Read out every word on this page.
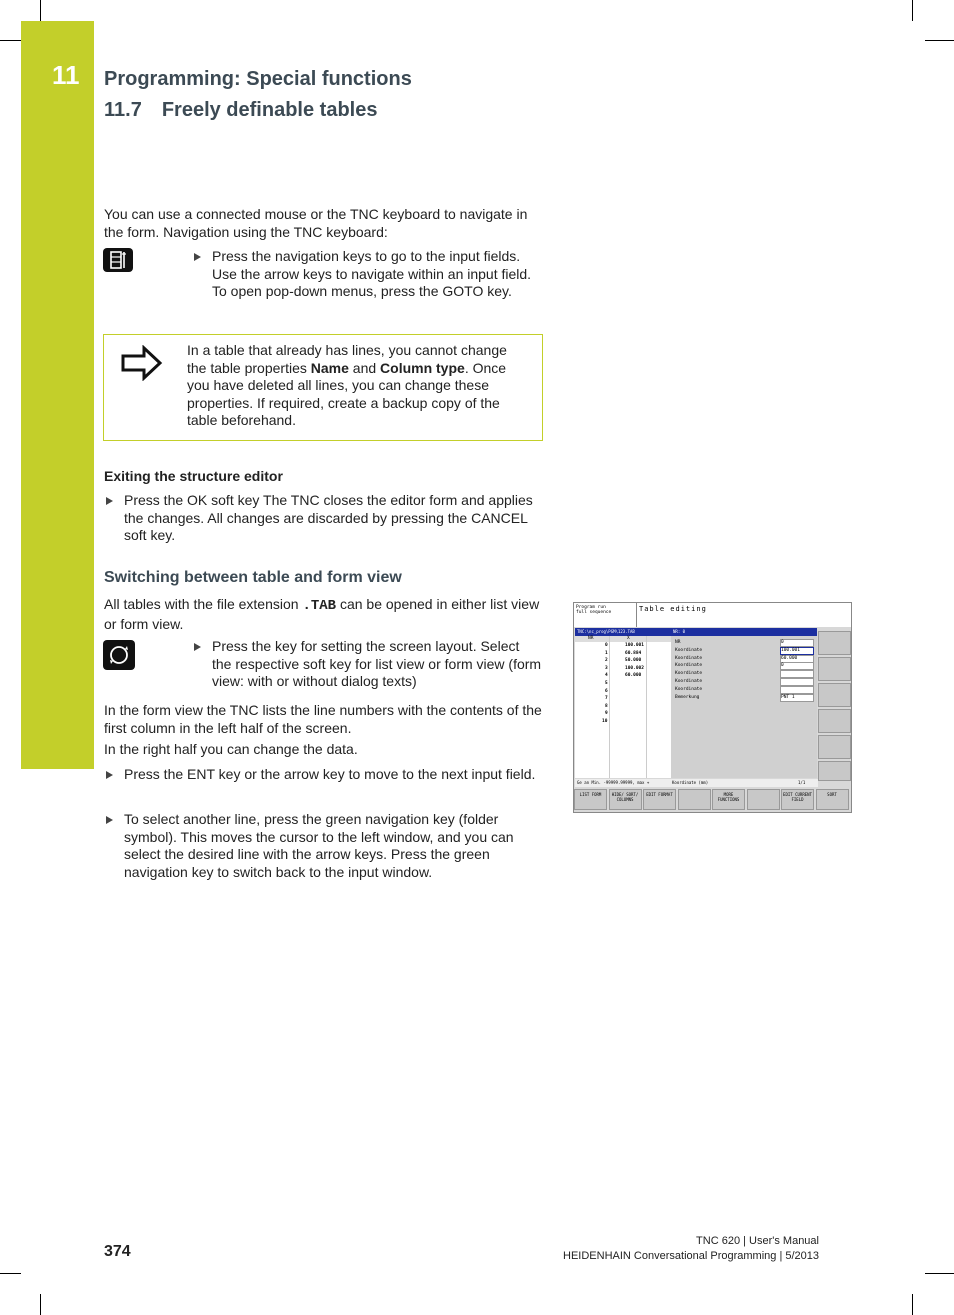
11 Programming: Special functions
11.7 Freely definable tables
You can use a connected mouse or the TNC keyboard to navigate in the form. Navigation using the TNC keyboard:
Press the navigation keys to go to the input fields. Use the arrow keys to navigate within an input field. To open pop-down menus, press the GOTO key.
In a table that already has lines, you cannot change the table properties Name and Column type. Once you have deleted all lines, you can change these properties. If required, create a backup copy of the table beforehand.
Exiting the structure editor
Press the OK soft key The TNC closes the editor form and applies the changes. All changes are discarded by pressing the CANCEL soft key.
Switching between table and form view
All tables with the file extension .TAB can be opened in either list view or form view.
Press the key for setting the screen layout. Select the respective soft key for list view or form view (form view: with or without dialog texts)
In the form view the TNC lists the line numbers with the contents of the first column in the left half of the screen.
In the right half you can change the data.
Press the ENT key or the arrow key to move to the next input field.
To select another line, press the green navigation key (folder symbol). This moves the cursor to the left window, and you can select the desired line with the arrow keys. Press the green navigation key to switch back to the input window.
Program run
full sequence	Table editing
TNC:\nc_prog\PGM\123.TAB
NR	X
0	100.001
1	60.884
2	50.000
3	100.002
4	60.000
5
6
7
8
9
10
NR: 0
NR	0
Koordinate	100.001
Koordinate	60.000
Koordinate	0
Koordinate
Koordinate
Koordinate
Bemerkung	PNT 1
Ge an Min. -99999.99999, max +	Koordinate (mm)	1/1
LIST FORM	HIDE/ SORT/ COLUMNS
EDIT FORMAT	MORE FUNCTIONS
EDIT CURRENT FIELD
SORT
374
TNC 620 | User's Manual
HEIDENHAIN Conversational Programming | 5/2013
